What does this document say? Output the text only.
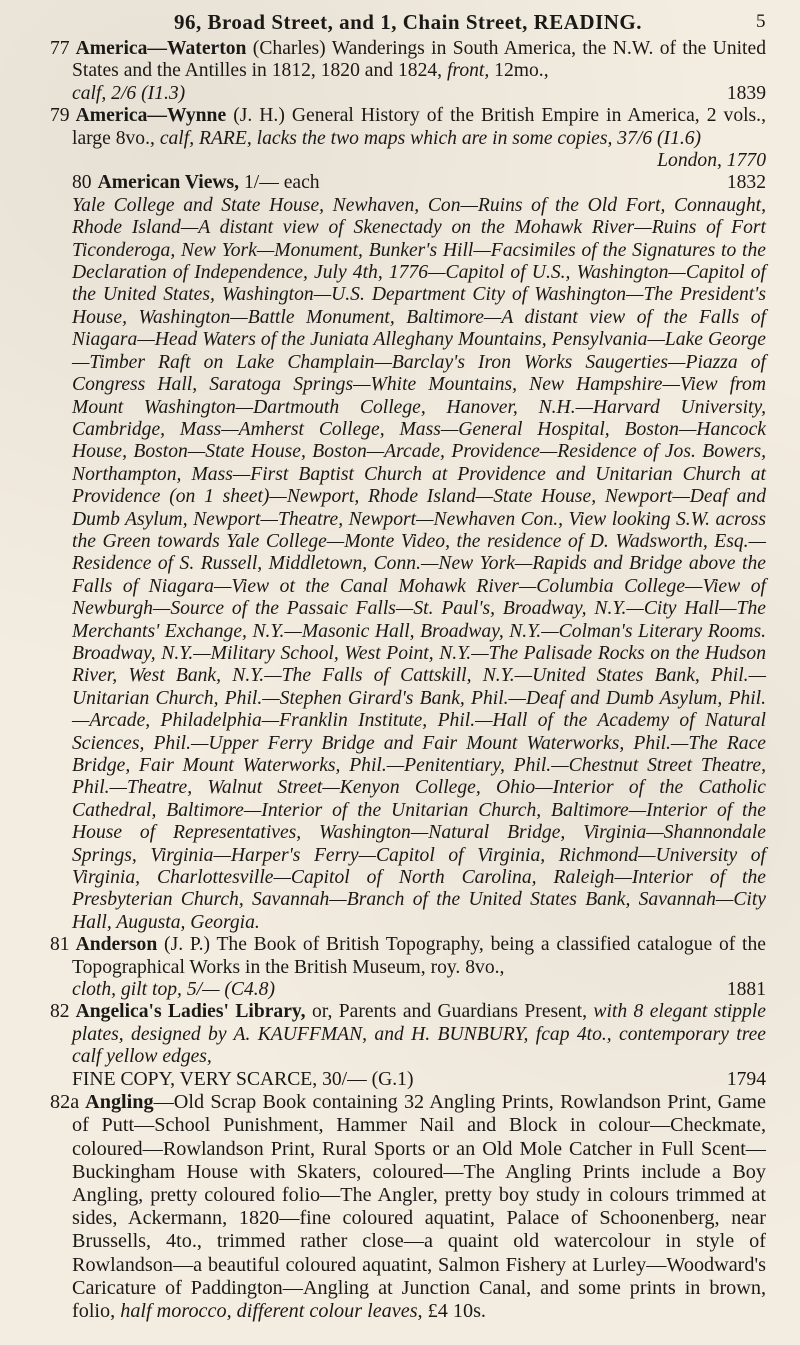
96, Broad Street, and 1, Chain Street, READING.	5

77 America—Waterton (Charles) Wanderings in South America, the N.W. of the United States and the Antilles in 1812, 1820 and 1824, front, 12mo.,
calf, 2/6 (I1.3)	1839

79 America—Wynne (J. H.) General History of the British Empire in America, 2 vols., large 8vo., calf, RARE, lacks the two maps which are in some copies, 37/6 (I1.6)
London, 1770

80 American Views, 1/— each	1832

Yale College and State House, Newhaven, Con—Ruins of the Old Fort, Connaught, Rhode Island—A distant view of Skenectady on the Mohawk River—Ruins of Fort Ticonderoga, New York—Monument, Bunker's Hill—Facsimiles of the Signatures to the Declaration of Independence, July 4th, 1776—Capitol of U.S., Washington—Capitol of the United States, Washington—U.S. Department City of Washington—The President's House, Washington—Battle Monument, Baltimore—A distant view of the Falls of Niagara—Head Waters of the Juniata Alleghany Mountains, Pensylvania—Lake George—Timber Raft on Lake Champlain—Barclay's Iron Works Saugerties—Piazza of Congress Hall, Saratoga Springs—White Mountains, New Hampshire—View from Mount Washington—Dartmouth College, Hanover, N.H.—Harvard University, Cambridge, Mass—Amherst College, Mass—General Hospital, Boston—Hancock House, Boston—State House, Boston—Arcade, Providence—Residence of Jos. Bowers, Northampton, Mass—First Baptist Church at Providence and Unitarian Church at Providence (on 1 sheet)—Newport, Rhode Island—State House, Newport—Deaf and Dumb Asylum, Newport—Theatre, Newport—Newhaven Con., View looking S.W. across the Green towards Yale College—Monte Video, the residence of D. Wadsworth, Esq.—Residence of S. Russell, Middletown, Conn.—New York—Rapids and Bridge above the Falls of Niagara—View ot the Canal Mohawk River—Columbia College—View of Newburgh—Source of the Passaic Falls—St. Paul's, Broadway, N.Y.—City Hall—The Merchants' Exchange, N.Y.—Masonic Hall, Broadway, N.Y.—Colman's Literary Rooms. Broadway, N.Y.—Military School, West Point, N.Y.—The Palisade Rocks on the Hudson River, West Bank, N.Y.—The Falls of Cattskill, N.Y.—United States Bank, Phil.—Unitarian Church, Phil.—Stephen Girard's Bank, Phil.—Deaf and Dumb Asylum, Phil.—Arcade, Philadelphia—Franklin Institute, Phil.—Hall of the Academy of Natural Sciences, Phil.—Upper Ferry Bridge and Fair Mount Waterworks, Phil.—The Race Bridge, Fair Mount Waterworks, Phil.—Penitentiary, Phil.—Chestnut Street Theatre, Phil.—Theatre, Walnut Street—Kenyon College, Ohio—Interior of the Catholic Cathedral, Baltimore—Interior of the Unitarian Church, Baltimore—Interior of the House of Representatives, Washington—Natural Bridge, Virginia—Shannondale Springs, Virginia—Harper's Ferry—Capitol of Virginia, Richmond—University of Virginia, Charlottesville—Capitol of North Carolina, Raleigh—Interior of the Presbyterian Church, Savannah—Branch of the United States Bank, Savannah—City Hall, Augusta, Georgia.

81 Anderson (J. P.) The Book of British Topography, being a classified catalogue of the Topographical Works in the British Museum, roy. 8vo.,
cloth, gilt top, 5/— (C4.8)	1881

82 Angelica's Ladies' Library, or, Parents and Guardians Present, with 8 elegant stipple plates, designed by A. KAUFFMAN, and H. BUNBURY, fcap 4to., contemporary tree calf yellow edges,
FINE COPY, VERY SCARCE, 30/— (G.1)	1794

82a Angling—Old Scrap Book containing 32 Angling Prints, Rowlandson Print, Game of Putt—School Punishment, Hammer Nail and Block in colour—Checkmate, coloured—Rowlandson Print, Rural Sports or an Old Mole Catcher in Full Scent—Buckingham House with Skaters, coloured—The Angling Prints include a Boy Angling, pretty coloured folio—The Angler, pretty boy study in colours trimmed at sides, Ackermann, 1820—fine coloured aquatint, Palace of Schoonenberg, near Brussells, 4to., trimmed rather close—a quaint old watercolour in style of Rowlandson—a beautiful coloured aquatint, Salmon Fishery at Lurley—Woodward's Caricature of Paddington—Angling at Junction Canal, and some prints in brown, folio, half morocco, different colour leaves, £4 10s.
